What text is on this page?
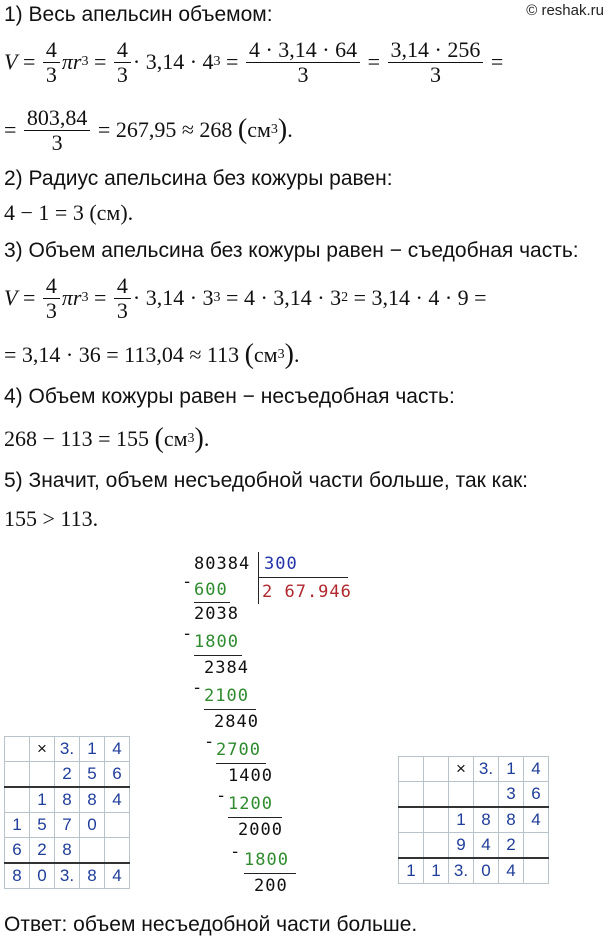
© reshak.ru
1) Весь апельсин объемом:
$V = \frac{4}{3}$ πr $3 = \frac{4}{3} \cdot 3,14 \cdot 4$ $3 = \frac{4 \cdot 3,14 \cdot 64}{3} = \frac{3,14 \cdot 256}{3}$ =
= $\frac{803,84}{3}$
= 267,95 ≈ 268
( см 3 ) .
2) Радиус апельсина без кожуры равен:
4 − 1 = 3 (см).
3) Объем апельсина без кожуры равен − съедобная часть:
$V = \frac{4}{3}$ πr $3 = \frac{4}{3} \cdot 3,14 \cdot 3$ 3
= 4 · 3,14 · 3 2
= 3,14 · 4 · 9 =
= 3,14 · 36 = 113,04 ≈ 113
( см 3 ) .
4) Объем кожуры равен − несъедобная часть:
268 − 113 = 155
( см 3 ) .
5) Значит, объем несъедобной части больше, так как:
155 > 113.
80384 300
2 67.946
- 600
2038
- 1800
2384
- 2100
2840
- 2700
1400
- 1200
2000
- 1800
200
	×	3.	1	4
		2	5	6
	1	8	8	4
1	5	7	0	
6	2	8		
8	0	3.	8	4
		×	3.	1	4
				3	6
		1	8	8	4
		9	4	2	
1	1	3.	0	4	
Ответ: объем несъедобной части больше.
